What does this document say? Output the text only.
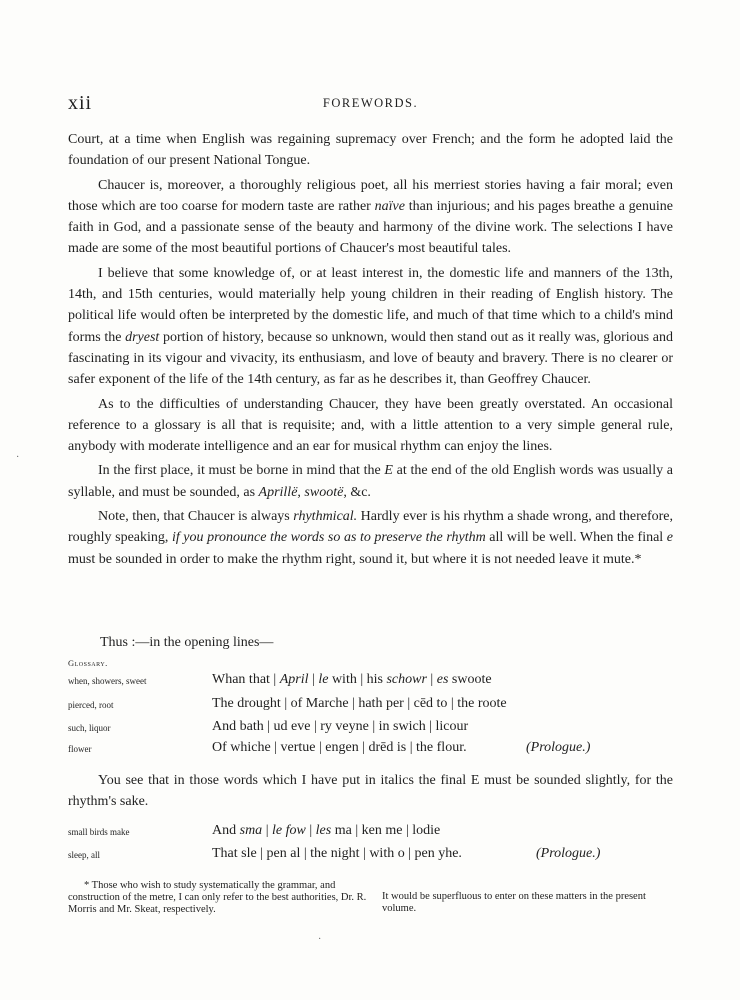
xii	FOREWORDS.

Court, at a time when English was regaining supremacy over French; and the form he adopted laid the foundation of our present National Tongue.

Chaucer is, moreover, a thoroughly religious poet, all his merriest stories having a fair moral; even those which are too coarse for modern taste are rather naïve than injurious; and his pages breathe a genuine faith in God, and a passionate sense of the beauty and harmony of the divine work. The selections I have made are some of the most beautiful portions of Chaucer's most beautiful tales.

I believe that some knowledge of, or at least interest in, the domestic life and manners of the 13th, 14th, and 15th centuries, would materially help young children in their reading of English history. The political life would often be interpreted by the domestic life, and much of that time which to a child's mind forms the dryest portion of history, because so unknown, would then stand out as it really was, glorious and fascinating in its vigour and vivacity, its enthusiasm, and love of beauty and bravery. There is no clearer or safer exponent of the life of the 14th century, as far as he describes it, than Geoffrey Chaucer.

As to the difficulties of understanding Chaucer, they have been greatly overstated. An occasional reference to a glossary is all that is requisite; and, with a little attention to a very simple general rule, anybody with moderate intelligence and an ear for musical rhythm can enjoy the lines.

In the first place, it must be borne in mind that the E at the end of the old English words was usually a syllable, and must be sounded, as Aprillë, swootë, &c.

Note, then, that Chaucer is always rhythmical. Hardly ever is his rhythm a shade wrong, and therefore, roughly speaking, if you pronounce the words so as to preserve the rhythm all will be well. When the final e must be sounded in order to make the rhythm right, sound it, but where it is not needed leave it mute.*

Thus :—in the opening lines—
Glossary.
when, showers, sweet	Whan that | April | le with | his schowr | es swoote
pierced, root	The drought | of Marche | hath per | cēd to | the roote
such, liquor	And bath | ud eve | ry veyne | in swich | licour
flower	Of whiche | vertue | engen | drēd is | the flour.	(Prologue.)

You see that in those words which I have put in italics the final E must be sounded slightly, for the rhythm's sake.

small birds make	And sma | le fow | les ma | ken me | lodie
sleep, all	That sle | pen al | the night | with o | pen yhe.	(Prologue.)

* Those who wish to study systematically the grammar, and construction of the metre, I can only refer to the best authorities, Dr. R. Morris and Mr. Skeat, respectively.

It would be superfluous to enter on these matters in the present volume.

·
·
